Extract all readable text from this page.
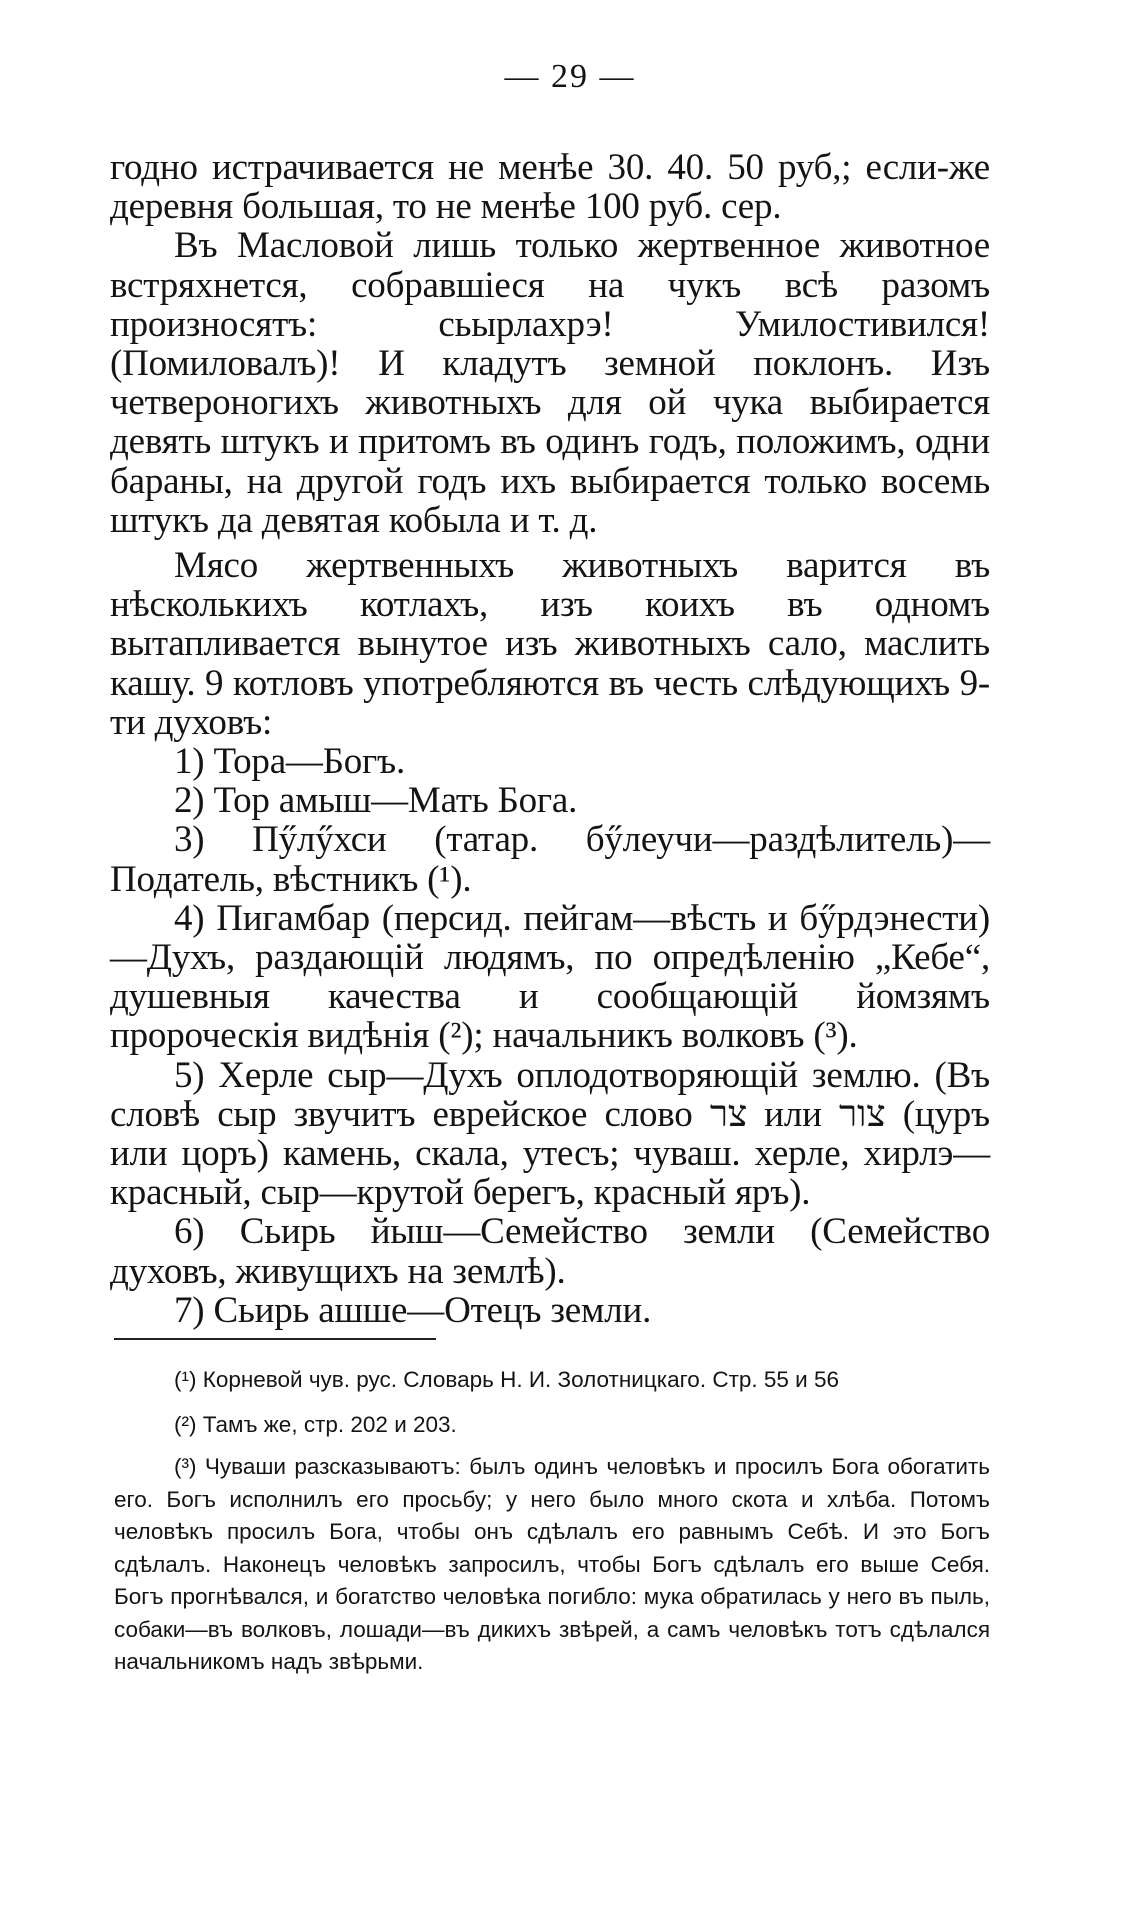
— 29 —

годно истрачивается не менѣе 30. 40. 50 руб,; если-же деревня большая, то не менѣе 100 руб. сер.

Въ Масловой лишь только жертвенное животное встряхнется, собравшіеся на чукъ всѣ разомъ произносятъ: сьырлахрэ! Умилостивился! (Помиловалъ)! И кладутъ земной поклонъ. Изъ четвероногихъ животныхъ для ой чука выбирается девять штукъ и притомъ въ одинъ годъ, положимъ, одни бараны, на другой годъ ихъ выбирается только восемь штукъ да девятая кобыла и т. д.

Мясо жертвенныхъ животныхъ варится въ нѣсколькихъ котлахъ, изъ коихъ въ одномъ вытапливается вынутое изъ животныхъ сало, маслить кашу. 9 котловъ употребляются въ честь слѣдующихъ 9-ти духовъ:

1) Тора—Богъ.

2) Тор амыш—Мать Бога.

3) Пӳлӳхси (татар. бӳлеучи—раздѣлитель)—Податель, вѣстникъ (¹).

4) Пигамбар (персид. пейгам—вѣсть и бӳрдэнести)—Духъ, раздающій людямъ, по опредѣленію „Кебе“, душевныя качества и сообщающій йомзямъ пророческія видѣнія (²); начальникъ волковъ (³).

5) Херле сыр—Духъ оплодотворяющій землю. (Въ словѣ сыр звучитъ еврейское слово צר или צור (цуръ или цоръ) камень, скала, утесъ; чуваш. херле, хирлэ—красный, сыр—крутой берегъ, красный яръ).

6) Сьирь йыш—Семейство земли (Семейство духовъ, живущихъ на землѣ).

7) Сьирь ашше—Отецъ земли.

(¹) Корневой чув. рус. Словарь Н. И. Золотницкаго. Стр. 55 и 56

(²) Тамъ же, стр. 202 и 203.

(³) Чуваши разсказываютъ: былъ одинъ человѣкъ и просилъ Бога обогатить его. Богъ исполнилъ его просьбу; у него было много скота и хлѣба. Потомъ человѣкъ просилъ Бога, чтобы онъ сдѣлалъ его равнымъ Себѣ. И это Богъ сдѣлалъ. Наконецъ человѣкъ запросилъ, чтобы Богъ сдѣлалъ его выше Себя. Богъ прогнѣвался, и богатство человѣка погибло: мука обратилась у него въ пыль, собаки—въ волковъ, лошади—въ дикихъ звѣрей, а самъ человѣкъ тотъ сдѣлался начальникомъ надъ звѣрьми.
